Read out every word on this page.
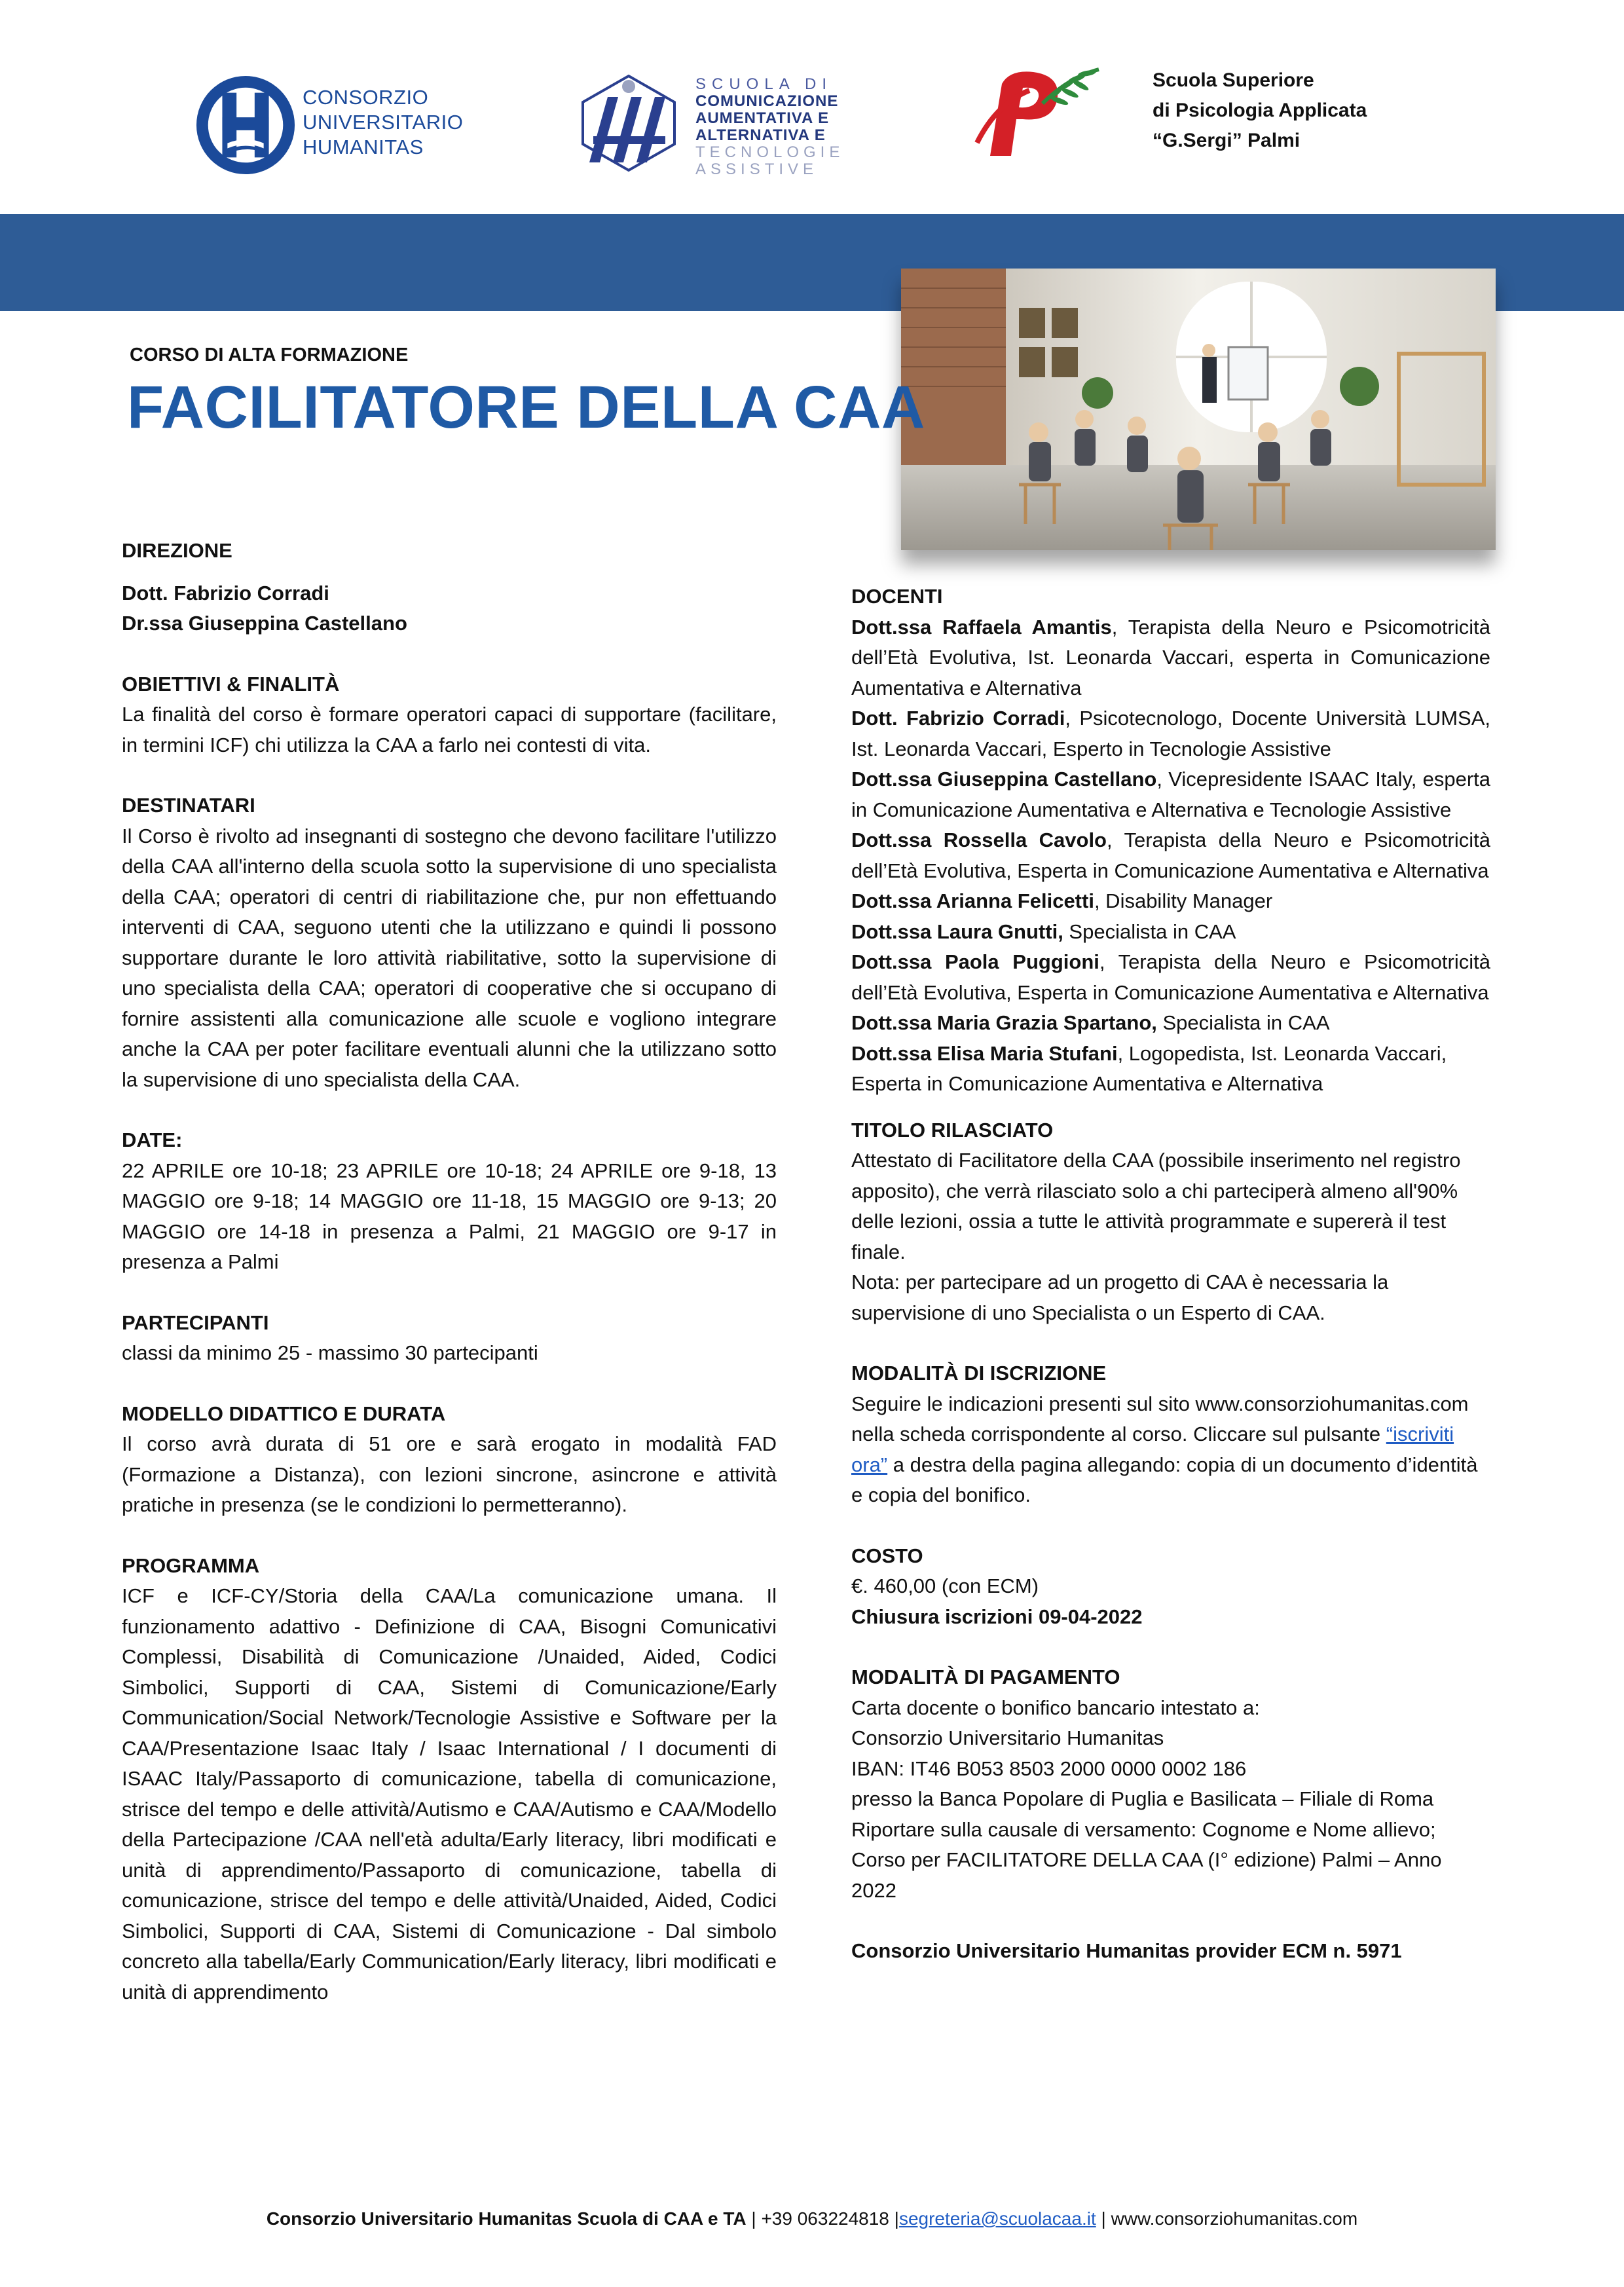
CONSORZIO
UNIVERSITARIO
HUMANITAS
SCUOLA DI
COMUNICAZIONE
AUMENTATIVA E
ALTERNATIVA E
TECNOLOGIE
ASSISTIVE
Scuola Superiore
di Psicologia Applicata
“G.Sergi” Palmi
CORSO DI ALTA FORMAZIONE
FACILITATORE DELLA CAA
DIREZIONE

Dott. Fabrizio Corradi

Dr.ssa Giuseppina Castellano

OBIETTIVI & FINALITÀ

La finalità del corso è formare operatori capaci di supportare (facilitare, in termini ICF) chi utilizza la CAA a farlo nei contesti di vita.

DESTINATARI

Il Corso è rivolto ad insegnanti di sostegno che devono facilitare l'utilizzo della CAA all'interno della scuola sotto la supervisione di uno specialista della CAA; operatori di centri di riabilitazione che, pur non effettuando interventi di CAA, seguono utenti che la utilizzano e quindi li possono supportare durante le loro attività riabilitative, sotto la supervisione di uno specialista della CAA; operatori di cooperative che si occupano di fornire assistenti alla comunicazione alle scuole e vogliono integrare anche la CAA per poter facilitare eventuali alunni che la utilizzano sotto la supervisione di uno specialista della CAA.

DATE:

22 APRILE ore 10-18; 23 APRILE ore 10-18; 24 APRILE ore 9-18, 13 MAGGIO ore 9-18; 14 MAGGIO ore 11-18, 15 MAGGIO ore 9-13; 20 MAGGIO ore 14-18 in presenza a Palmi, 21 MAGGIO ore 9-17 in presenza a Palmi

PARTECIPANTI

classi da minimo 25 - massimo 30 partecipanti

MODELLO DIDATTICO E DURATA

Il corso avrà durata di 51 ore e sarà erogato in modalità FAD (Formazione a Distanza), con lezioni sincrone, asincrone e attività pratiche in presenza (se le condizioni lo permetteranno).

PROGRAMMA

ICF e ICF-CY/Storia della CAA/La comunicazione umana. Il funzionamento adattivo - Definizione di CAA, Bisogni Comunicativi Complessi, Disabilità di Comunicazione /Unaided, Aided, Codici Simbolici, Supporti di CAA, Sistemi di Comunicazione/Early Communication/Social Network/Tecnologie Assistive e Software per la CAA/Presentazione Isaac Italy / Isaac International / I documenti di ISAAC Italy/Passaporto di comunicazione, tabella di comunicazione, strisce del tempo e delle attività/Autismo e CAA/Autismo e CAA/Modello della Partecipazione /CAA nell'età adulta/Early literacy, libri modificati e unità di apprendimento/Passaporto di comunicazione, tabella di comunicazione, strisce del tempo e delle attività/Unaided, Aided, Codici Simbolici, Supporti di CAA, Sistemi di Comunicazione - Dal simbolo concreto alla tabella/Early Communication/Early literacy, libri modificati e unità di apprendimento

DOCENTI

Dott.ssa Raffaela Amantis, Terapista della Neuro e Psicomotricità dell’Età Evolutiva, Ist. Leonarda Vaccari, esperta in Comunicazione Aumentativa e Alternativa

Dott. Fabrizio Corradi, Psicotecnologo, Docente Università LUMSA, Ist. Leonarda Vaccari, Esperto in Tecnologie Assistive

Dott.ssa Giuseppina Castellano, Vicepresidente ISAAC Italy, esperta in Comunicazione Aumentativa e Alternativa e Tecnologie Assistive

Dott.ssa Rossella Cavolo, Terapista della Neuro e Psicomotricità dell’Età Evolutiva, Esperta in Comunicazione Aumentativa e Alternativa

Dott.ssa Arianna Felicetti, Disability Manager

Dott.ssa Laura Gnutti, Specialista in CAA

Dott.ssa Paola Puggioni, Terapista della Neuro e Psicomotricità dell’Età Evolutiva, Esperta in Comunicazione Aumentativa e Alternativa

Dott.ssa Maria Grazia Spartano, Specialista in CAA

Dott.ssa Elisa Maria Stufani, Logopedista, Ist. Leonarda Vaccari, Esperta in Comunicazione Aumentativa e Alternativa

TITOLO RILASCIATO

Attestato di Facilitatore della CAA (possibile inserimento nel registro apposito), che verrà rilasciato solo a chi parteciperà almeno all'90% delle lezioni, ossia a tutte le attività programmate e supererà il test finale.

Nota: per partecipare ad un progetto di CAA è necessaria la supervisione di uno Specialista o un Esperto di CAA.

MODALITÀ DI ISCRIZIONE

Seguire le indicazioni presenti sul sito www.consorziohumanitas.com nella scheda corrispondente al corso. Cliccare sul pulsante “iscriviti ora” a destra della pagina allegando: copia di un documento d’identità e copia del bonifico.

COSTO

€. 460,00 (con ECM)

Chiusura iscrizioni 09-04-2022

MODALITÀ DI PAGAMENTO

Carta docente o bonifico bancario intestato a:

Consorzio Universitario Humanitas

IBAN: IT46 B053 8503 2000 0000 0002 186

presso la Banca Popolare di Puglia e Basilicata – Filiale di Roma

Riportare sulla causale di versamento: Cognome e Nome allievo; Corso per FACILITATORE DELLA CAA (I° edizione) Palmi – Anno 2022

Consorzio Universitario Humanitas provider ECM n. 5971

Consorzio Universitario Humanitas Scuola di CAA e TA | +39 063224818 |segreteria@scuolacaa.it | www.consorziohumanitas.com
